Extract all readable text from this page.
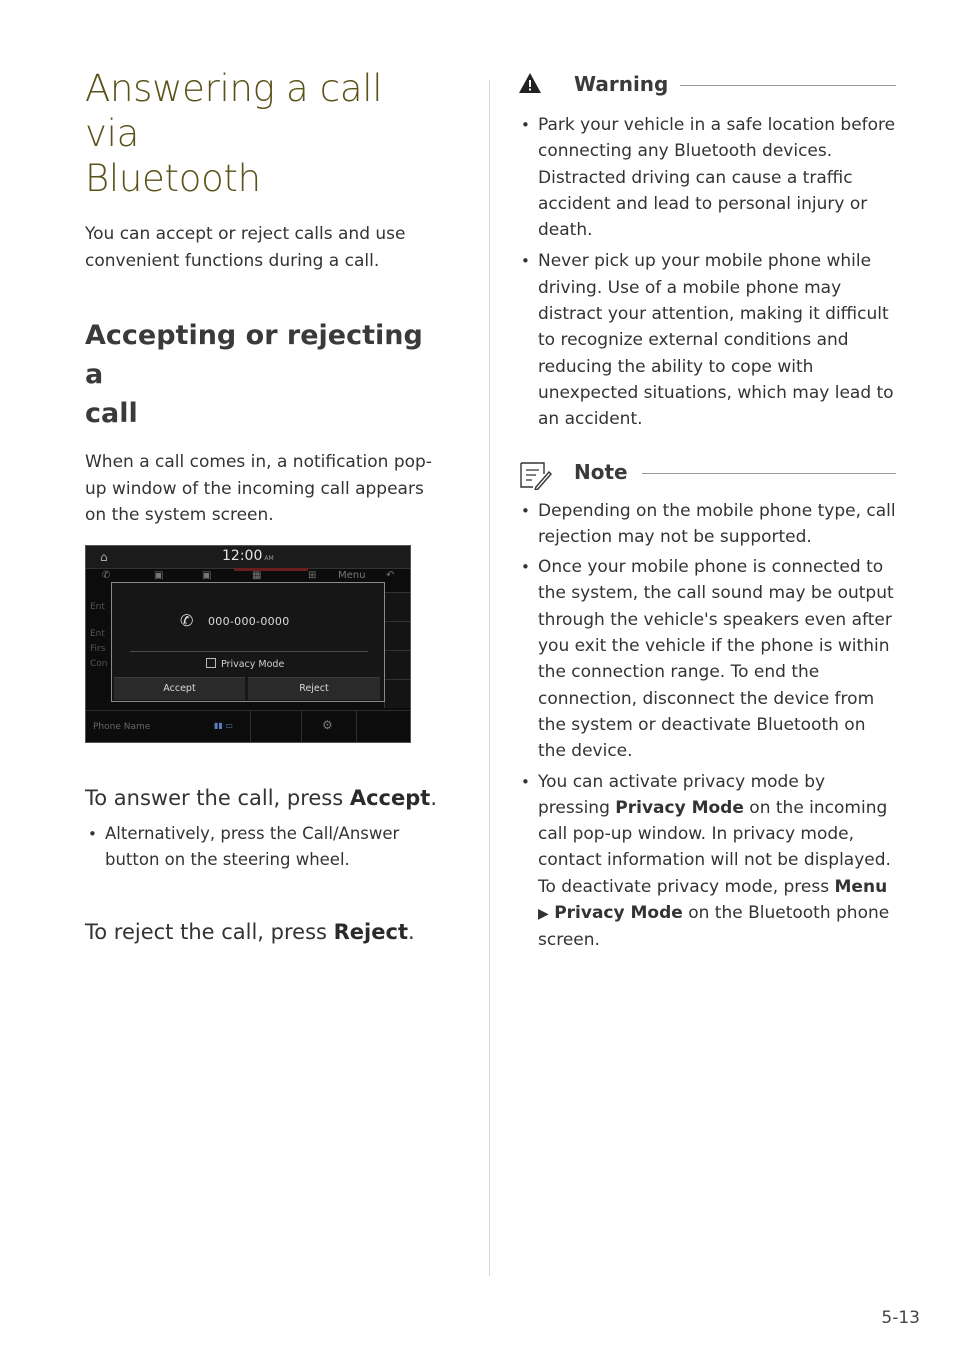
Answering a call via
Bluetooth

You can accept or reject calls and use convenient functions during a call.

Accepting or rejecting a
call

When a call comes in, a notification pop-up window of the incoming call appears on the system screen.

⌂	12:00 AM
✆	▣	▣	▦	⊞ Menu ↶
Ent
Ent
Firs
Con
✆ 000-000-0000
Privacy Mode
Accept	Reject
Phone Name	▮▮ ▭	⚙

To answer the call, press Accept.

• Alternatively, press the Call/Answer button on the steering wheel.

To reject the call, press Reject.

Warning
• Park your vehicle in a safe location before connecting any Bluetooth devices. Distracted driving can cause a traffic accident and lead to personal injury or death.
• Never pick up your mobile phone while driving. Use of a mobile phone may distract your attention, making it difficult to recognize external conditions and reducing the ability to cope with unexpected situations, which may lead to an accident.
Note
• Depending on the mobile phone type, call rejection may not be supported.
• Once your mobile phone is connected to the system, the call sound may be output through the vehicle's speakers even after you exit the vehicle if the phone is within the connection range. To end the connection, disconnect the device from the system or deactivate Bluetooth on the device.
• You can activate privacy mode by pressing Privacy Mode on the incoming call pop-up window. In privacy mode, contact information will not be displayed. To deactivate privacy mode, press Menu ▶ Privacy Mode on the Bluetooth phone screen.
5-13
